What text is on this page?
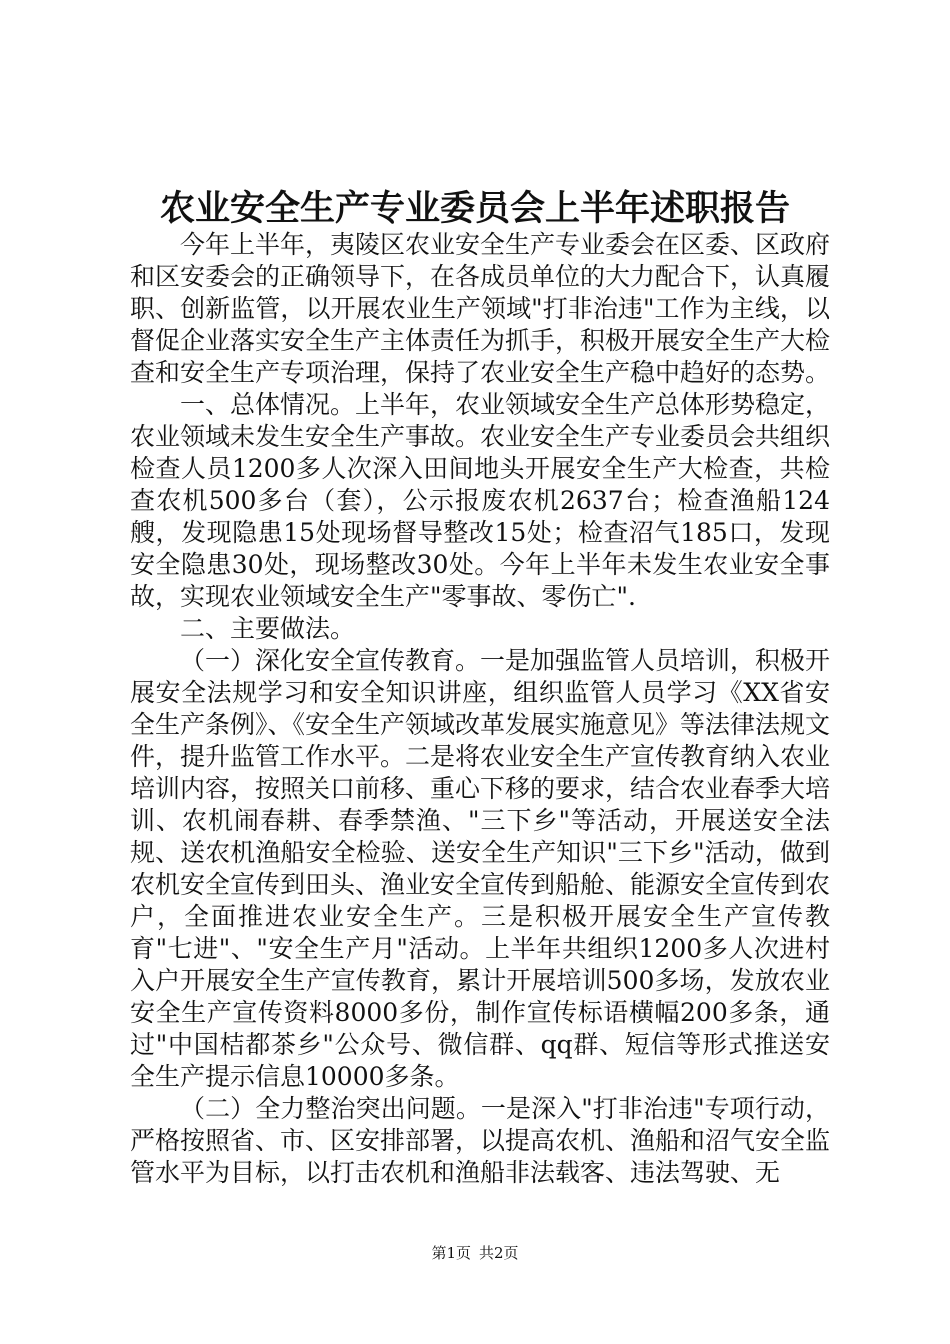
农业安全生产专业委员会上半年述职报告

今年上半年，夷陵区农业安全生产专业委会在区委、区政府和区安委会的正确领导下，在各成员单位的大力配合下，认真履职、创新监管，以开展农业生产领域"打非治违"工作为主线，以督促企业落实安全生产主体责任为抓手，积极开展安全生产大检查和安全生产专项治理，保持了农业安全生产稳中趋好的态势。

一、总体情况。上半年，农业领域安全生产总体形势稳定，农业领域未发生安全生产事故。农业安全生产专业委员会共组织检查人员1200多人次深入田间地头开展安全生产大检查，共检查农机500多台（套），公示报废农机2637台；检查渔船124艘，发现隐患15处现场督导整改15处；检查沼气185口，发现安全隐患30处，现场整改30处。今年上半年未发生农业安全事故，实现农业领域安全生产"零事故、零伤亡".

二、主要做法。

（一）深化安全宣传教育。一是加强监管人员培训，积极开展安全法规学习和安全知识讲座，组织监管人员学习《XX省安全生产条例》、《安全生产领域改革发展实施意见》等法律法规文件，提升监管工作水平。二是将农业安全生产宣传教育纳入农业培训内容，按照关口前移、重心下移的要求，结合农业春季大培训、农机闹春耕、春季禁渔、"三下乡"等活动，开展送安全法规、送农机渔船安全检验、送安全生产知识"三下乡"活动，做到农机安全宣传到田头、渔业安全宣传到船舱、能源安全宣传到农户，全面推进农业安全生产。三是积极开展安全生产宣传教育"七进"、"安全生产月"活动。上半年共组织1200多人次进村入户开展安全生产宣传教育，累计开展培训500多场，发放农业安全生产宣传资料8000多份，制作宣传标语横幅200多条，通过"中国桔都茶乡"公众号、微信群、qq群、短信等形式推送安全生产提示信息10000多条。

（二）全力整治突出问题。一是深入"打非治违"专项行动，严格按照省、市、区安排部署，以提高农机、渔船和沼气安全监管水平为目标，以打击农机和渔船非法载客、违法驾驶、无

第1页 共2页
